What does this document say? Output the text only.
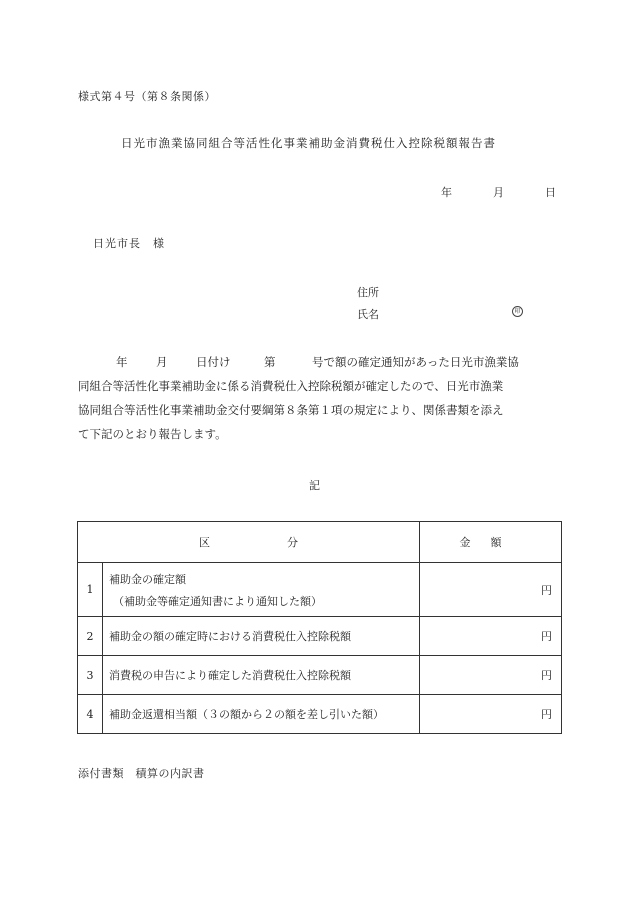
様式第４号（第８条関係）
日光市漁業協同組合等活性化事業補助金消費税仕入控除税額報告書
年	月	日
日光市長　様
住所
氏名	印
年 月 日付け	第	号で額の確定通知があった日光市漁業協
同組合等活性化事業補助金に係る消費税仕入控除税額が確定したので、日光市漁業
協同組合等活性化事業補助金交付要綱第８条第１項の規定により、関係書類を添え
て下記のとおり報告します。
記
区　　　　　　　分		金額
1	補助金の確定額
（補助金等確定通知書により通知した額）	円
2	補助金の額の確定時における消費税仕入控除税額	円
3	消費税の申告により確定した消費税仕入控除税額	円
4	補助金返還相当額（３の額から２の額を差し引いた額）	円
添付書類　積算の内訳書
